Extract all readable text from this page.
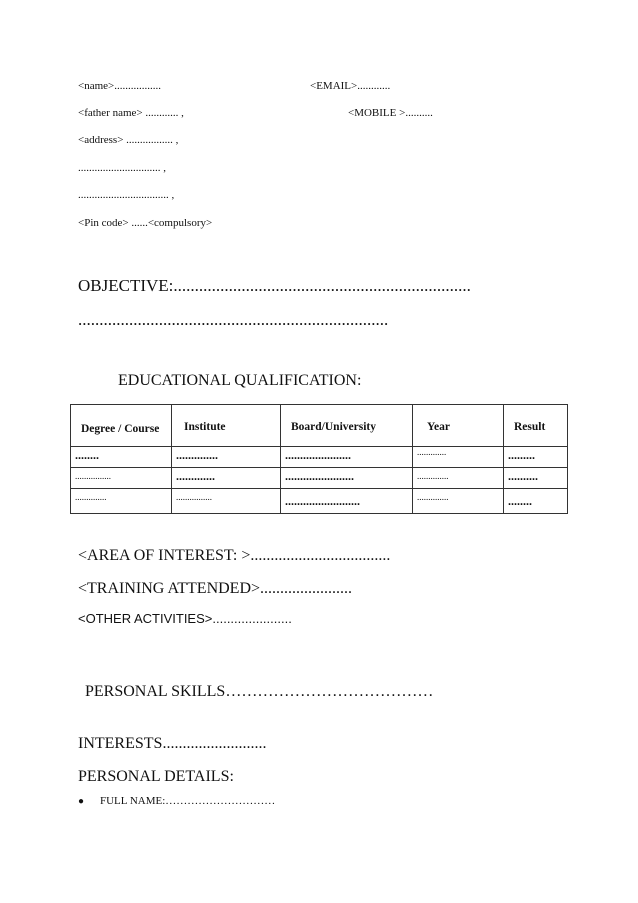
<name>.................	<EMAIL>............
<father name> ............ ,	<MOBILE >..........
<address> ................. ,
.............................. ,
................................. ,
<Pin code> ......<compulsory>
OBJECTIVE:......................................................................
.........................................................................
EDUCATIONAL QUALIFICATION:
Degree / Course	Institute	Board/University	Year	Result
........	..............	......................	.............	.........
................	.............	.......................	..............	..........
..............	................	.........................	..............	........
<AREA OF INTEREST: >...................................
<TRAINING ATTENDED>.......................
<OTHER ACTIVITIES>......................
PERSONAL SKILLS…………………………………
INTERESTS..........................
PERSONAL DETAILS:
● FULL NAME:…………………………
